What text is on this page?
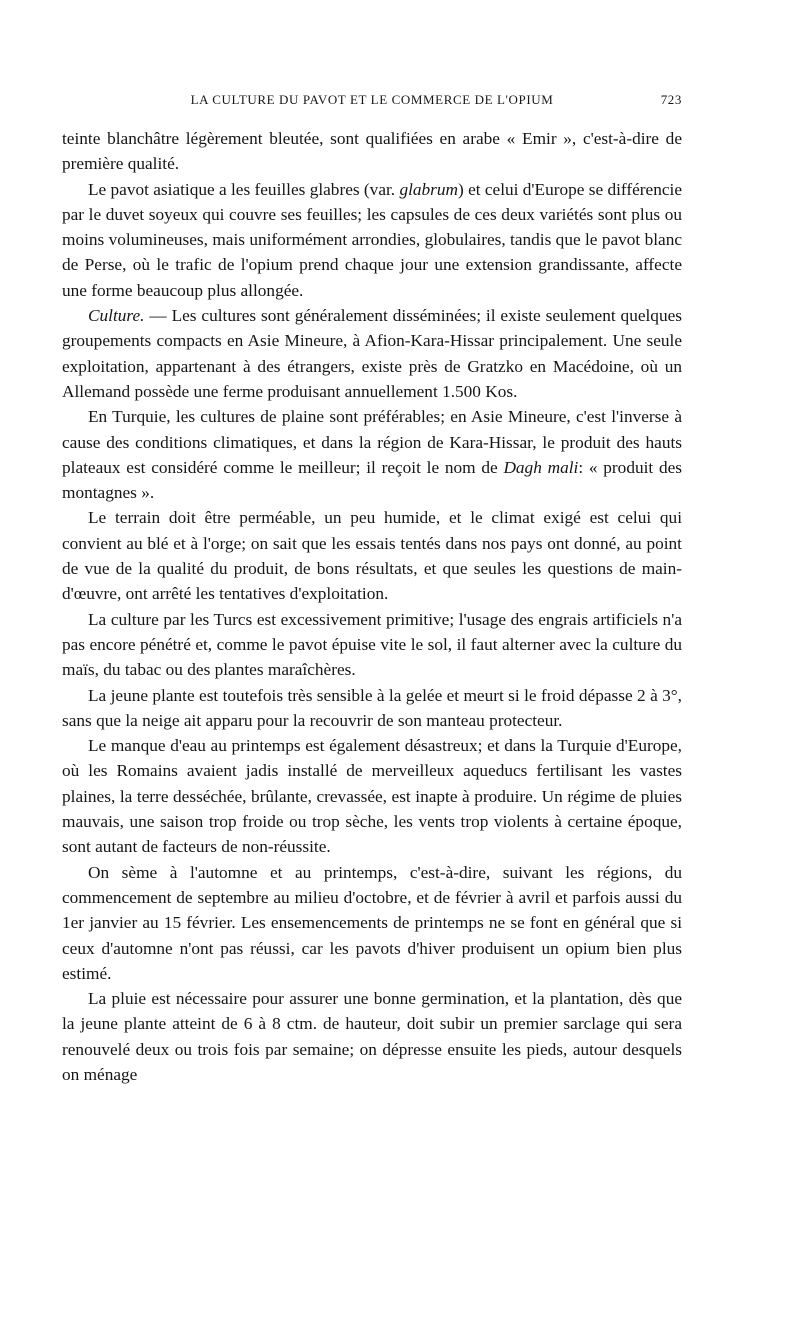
LA CULTURE DU PAVOT ET LE COMMERCE DE L'OPIUM	723

teinte blanchâtre légèrement bleutée, sont qualifiées en arabe « Emir », c'est-à-dire de première qualité.

Le pavot asiatique a les feuilles glabres (var. glabrum) et celui d'Europe se différencie par le duvet soyeux qui couvre ses feuilles; les capsules de ces deux variétés sont plus ou moins volumineuses, mais uniformément arrondies, globulaires, tandis que le pavot blanc de Perse, où le trafic de l'opium prend chaque jour une extension grandissante, affecte une forme beaucoup plus allongée.

Culture. — Les cultures sont généralement disséminées; il existe seulement quelques groupements compacts en Asie Mineure, à Afion-Kara-Hissar principalement. Une seule exploitation, appartenant à des étrangers, existe près de Gratzko en Macédoine, où un Allemand possède une ferme produisant annuellement 1.500 Kos.

En Turquie, les cultures de plaine sont préférables; en Asie Mineure, c'est l'inverse à cause des conditions climatiques, et dans la région de Kara-Hissar, le produit des hauts plateaux est considéré comme le meilleur; il reçoit le nom de Dagh mali: « produit des montagnes ».

Le terrain doit être perméable, un peu humide, et le climat exigé est celui qui convient au blé et à l'orge; on sait que les essais tentés dans nos pays ont donné, au point de vue de la qualité du produit, de bons résultats, et que seules les questions de main-d'œuvre, ont arrêté les tentatives d'exploitation.

La culture par les Turcs est excessivement primitive; l'usage des engrais artificiels n'a pas encore pénétré et, comme le pavot épuise vite le sol, il faut alterner avec la culture du maïs, du tabac ou des plantes maraîchères.

La jeune plante est toutefois très sensible à la gelée et meurt si le froid dépasse 2 à 3°, sans que la neige ait apparu pour la recouvrir de son manteau protecteur.

Le manque d'eau au printemps est également désastreux; et dans la Turquie d'Europe, où les Romains avaient jadis installé de merveilleux aqueducs fertilisant les vastes plaines, la terre desséchée, brûlante, crevassée, est inapte à produire. Un régime de pluies mauvais, une saison trop froide ou trop sèche, les vents trop violents à certaine époque, sont autant de facteurs de non-réussite.

On sème à l'automne et au printemps, c'est-à-dire, suivant les régions, du commencement de septembre au milieu d'octobre, et de février à avril et parfois aussi du 1er janvier au 15 février. Les ensemencements de printemps ne se font en général que si ceux d'automne n'ont pas réussi, car les pavots d'hiver produisent un opium bien plus estimé.

La pluie est nécessaire pour assurer une bonne germination, et la plantation, dès que la jeune plante atteint de 6 à 8 ctm. de hauteur, doit subir un premier sarclage qui sera renouvelé deux ou trois fois par semaine; on dépresse ensuite les pieds, autour desquels on ménage
